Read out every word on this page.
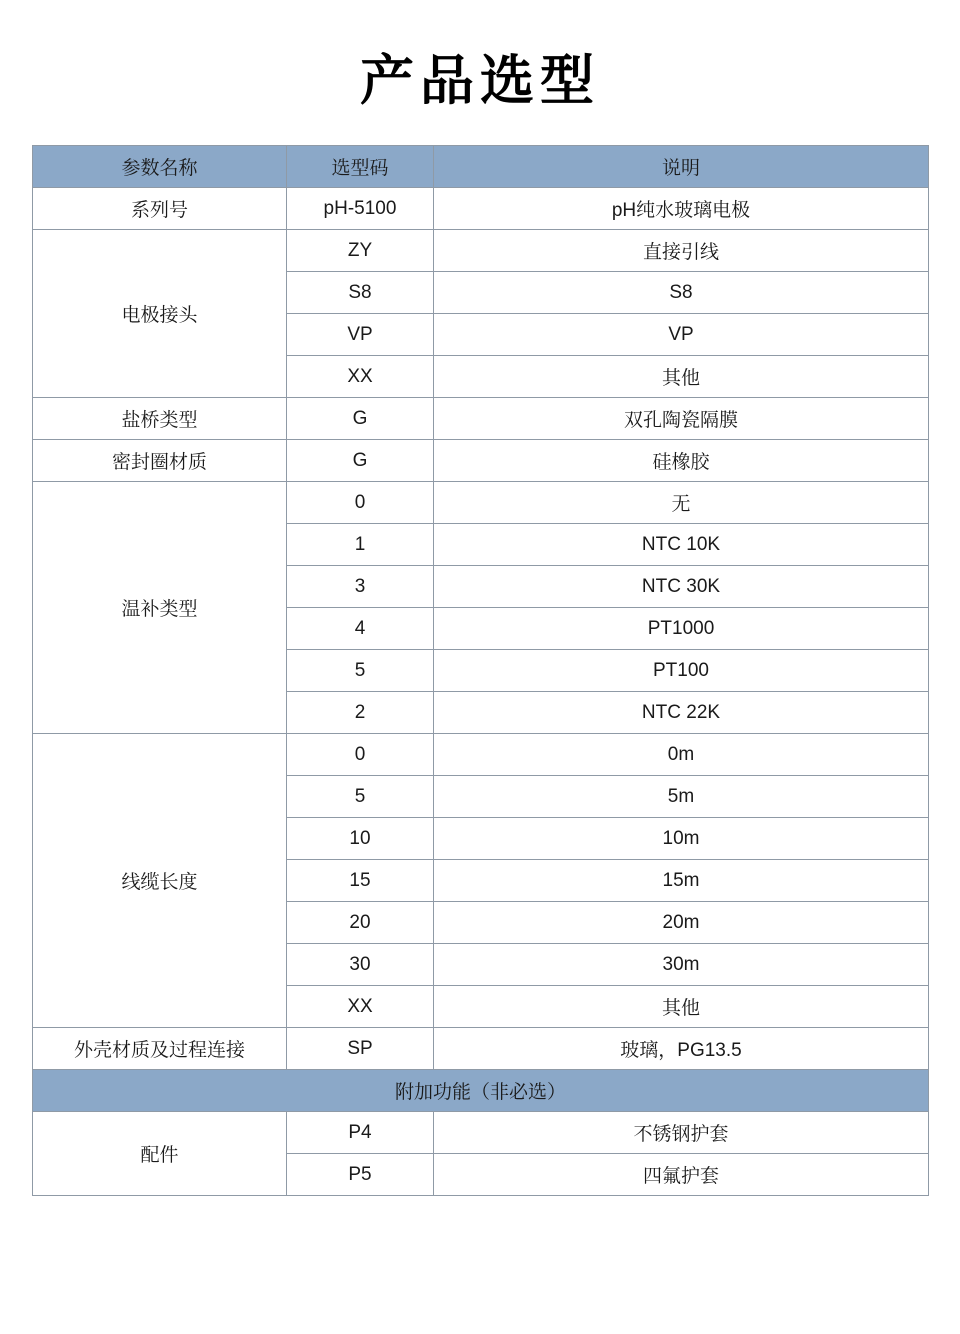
产品选型
参数名称	选型码	说明
系列号	pH-5100	pH纯水玻璃电极
电极接头	ZY	直接引线
	S8	S8
	VP	VP
	XX	其他
盐桥类型	G	双孔陶瓷隔膜
密封圈材质	G	硅橡胶
温补类型	0	无
	1	NTC 10K
	3	NTC 30K
	4	PT1000
	5	PT100
	2	NTC 22K
线缆长度	0	0m
	5	5m
	10	10m
	15	15m
	20	20m
	30	30m
	XX	其他
外壳材质及过程连接	SP	玻璃，PG13.5
附加功能（非必选）		
配件	P4	不锈钢护套
	P5	四氟护套
